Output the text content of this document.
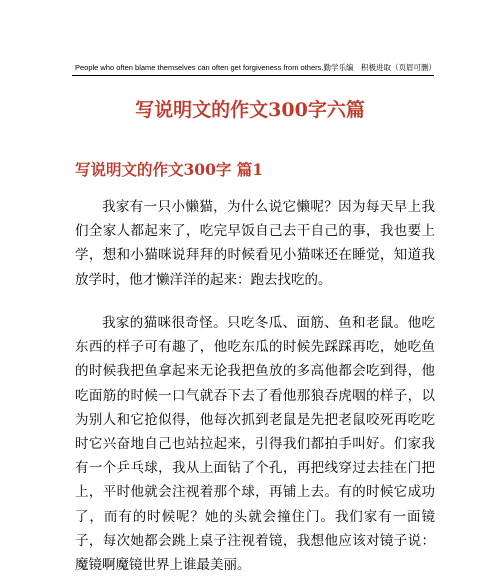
People who often blame themselves can often get forgiveness from others.勤学乐编　积极进取（页眉可删）
写说明文的作文300字六篇
写说明文的作文300字 篇1

我家有一只小懒猫，为什么说它懒呢？因为每天早上我们全家人都起来了，吃完早饭自己去干自己的事，我也要上学，想和小猫咪说拜拜的时候看见小猫咪还在睡觉，知道我放学时，他才懒洋洋的起来：跑去找吃的。

我家的猫咪很奇怪。只吃冬瓜、面筋、鱼和老鼠。他吃东西的样子可有趣了，他吃东瓜的时候先踩踩再吃，她吃鱼的时候我把鱼拿起来无论我把鱼放的多高他都会吃到得，他吃面筋的时候一口气就吞下去了看他那狼吞虎咽的样子，以为别人和它抢似得，他每次抓到老鼠是先把老鼠咬死再吃吃时它兴奋地自己也站拉起来，引得我们都拍手叫好。们家我有一个乒乓球，我从上面钻了个孔，再把线穿过去挂在门把上，平时他就会注视着那个球，再铺上去。有的时候它成功了，而有的时候呢？她的头就会撞住门。我们家有一面镜子，每次她都会跳上桌子注视着镜，我想他应该对镜子说：魔镜啊魔镜世界上谁最美丽。
